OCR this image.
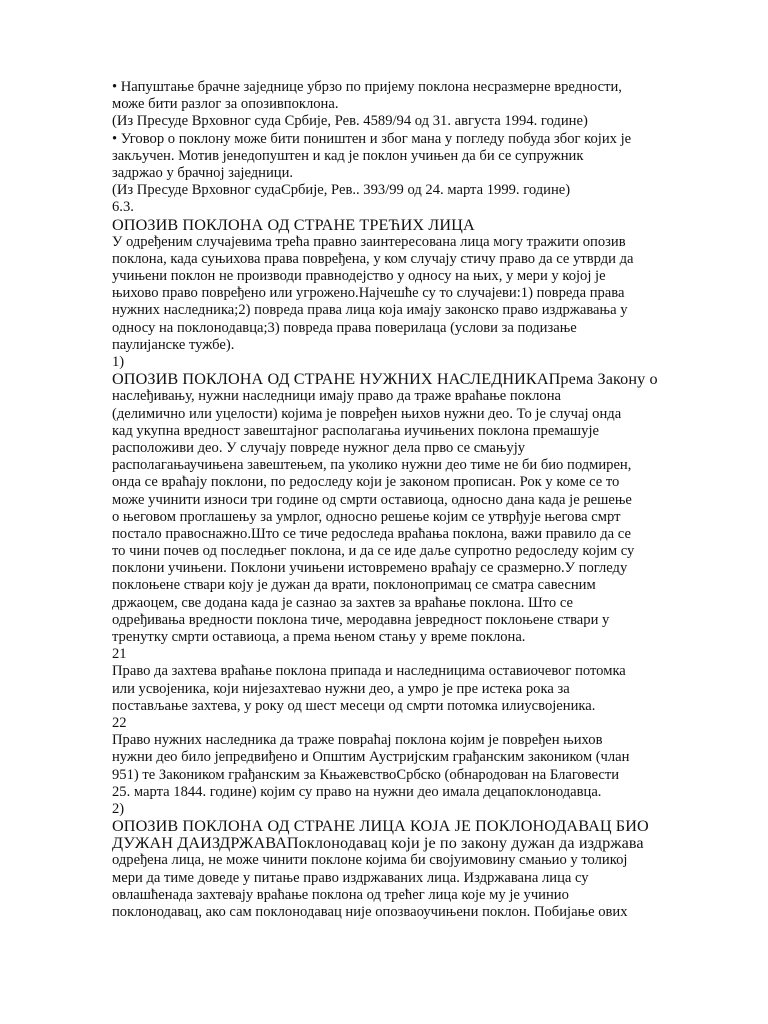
• Напуштање брачне заједнице убрзо по пријему поклона несразмерне вредности,
може бити разлог за опозивпоклона.
(Из Пресуде Врховног суда Србије, Рев. 4589/94 од 31. августа 1994. године)
• Уговор о поклону може бити поништен и због мана у погледу побуда због којих је
закључен. Мотив јенедопуштен и кад је поклон учињен да би се супружник
задржао у брачној заједници.
(Из Пресуде Врховног судаСрбије, Рев.. 393/99 од 24. марта 1999. године)
6.3.
ОПОЗИВ ПОКЛОНА ОД СТРАНЕ ТРЕЋИХ ЛИЦА
У одређеним случајевима трећа правно заинтересована лица могу тражити опозив
поклона, када суњихова права повређена, у ком случају стичу право да се утврди да
учињени поклон не производи правнодејство у односу на њих, у мери у којој је
њихово право повређено или угрожено.Најчешће су то случајеви:1) повреда права
нужних наследника;2) повреда права лица која имају законско право издржавања у
односу на поклонодавца;3) повреда права поверилаца (услови за подизање
паулијанске тужбе).
1)
ОПОЗИВ ПОКЛОНА ОД СТРАНЕ НУЖНИХ НАСЛЕДНИКАПрема Закону о
наслеђивању, нужни наследници имају право да траже враћање поклона
(делимично или уцелости) којима је повређен њихов нужни део. То је случај онда
кад укупна вредност завештајног располагања иучињених поклона премашује
расположиви део. У случају повреде нужног дела прво се смањују
располагањаучињена завештењем, па уколико нужни део тиме не би био подмирен,
онда се враћају поклони, по редоследу који је законом прописан. Рок у коме се то
може учинити износи три године од смрти оставиоца, односно дана када је решење
о његовом проглашењу за умрлог, односно решење којим се утврђује његова смрт
постало правоснажно.Што се тиче редоследа враћања поклона, важи правило да се
то чини почев од последњег поклона, и да се иде даље супротно редоследу којим су
поклони учињени. Поклони учињени истовремено враћају се сразмерно.У погледу
поклоњене ствари коју је дужан да врати, поклонопримац се сматра савесним
држаоцем, све додана када је сазнао за захтев за враћање поклона. Што се
одређивања вредности поклона тиче, меродавна јевредност поклоњене ствари у
тренутку смрти оставиоца, а према њеном стању у време поклона.
21
Право да захтева враћање поклона припада и наследницима оставиочевог потомка
или усвојеника, који нијезахтевао нужни део, а умро је пре истека рока за
постављање захтева, у року од шест месеци од смрти потомка илиусвојеника.
22
Право нужних наследника да траже повраћај поклона којим је повређен њихов
нужни део било јепредвиђено и Општим Аустријским грађанским закоником (члан
951) те Закоником грађанским за КњажевствоСрбско (обнародован на Благовести
25. марта 1844. године) којим су право на нужни део имала децапоклонодавца.
2)
ОПОЗИВ ПОКЛОНА ОД СТРАНЕ ЛИЦА КОЈА ЈЕ ПОКЛОНОДАВАЦ БИО
ДУЖАН ДАИЗДРЖАВАПоклонодавац који је по закону дужан да издржава
одређена лица, не може чинити поклоне којима би својуимовину смањио у толикој
мери да тиме доведе у питање право издржаваних лица. Издржавана лица су
овлашћенада захтевају враћање поклона од трећег лица које му је учинио
поклонодавац, ако сам поклонодавац није опозваоучињени поклон. Побијање ових
